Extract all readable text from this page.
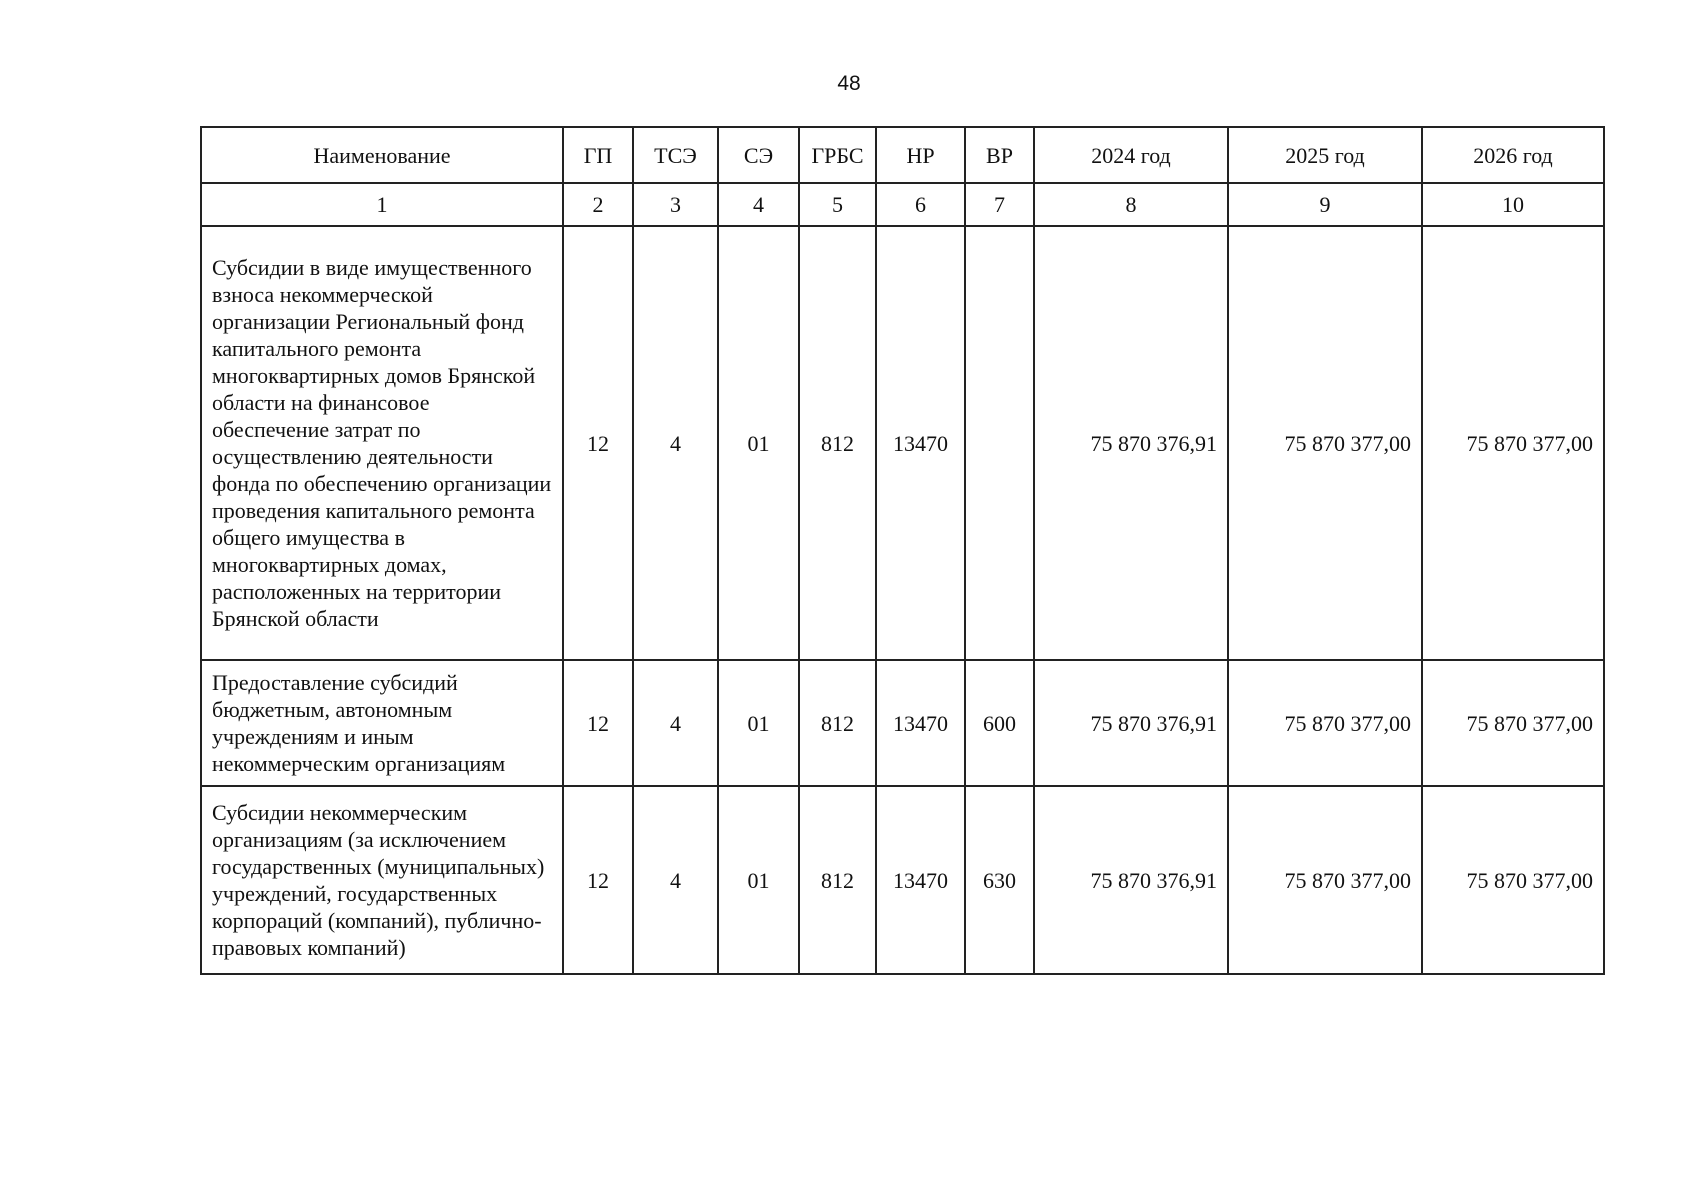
48
Наименование	ГП	ТСЭ	СЭ	ГРБС	НР	ВР	2024 год	2025 год	2026 год
1	2	3	4	5	6	7	8	9	10
Субсидии в виде имущественного взноса некоммерческой организации Региональный фонд капитального ремонта многоквартирных домов Брянской области на финансовое обеспечение затрат по осуществлению деятельности фонда по обеспечению организации проведения капитального ремонта общего имущества в многоквартирных домах, расположенных на территории Брянской области	12	4	01	812	13470		75 870 376,91	75 870 377,00	75 870 377,00
Предоставление субсидий бюджетным, автономным учреждениям и иным некоммерческим организациям	12	4	01	812	13470	600	75 870 376,91	75 870 377,00	75 870 377,00
Субсидии некоммерческим организациям (за исключением государственных (муниципальных) учреждений, государственных корпораций (компаний), публично-правовых компаний)	12	4	01	812	13470	630	75 870 376,91	75 870 377,00	75 870 377,00
